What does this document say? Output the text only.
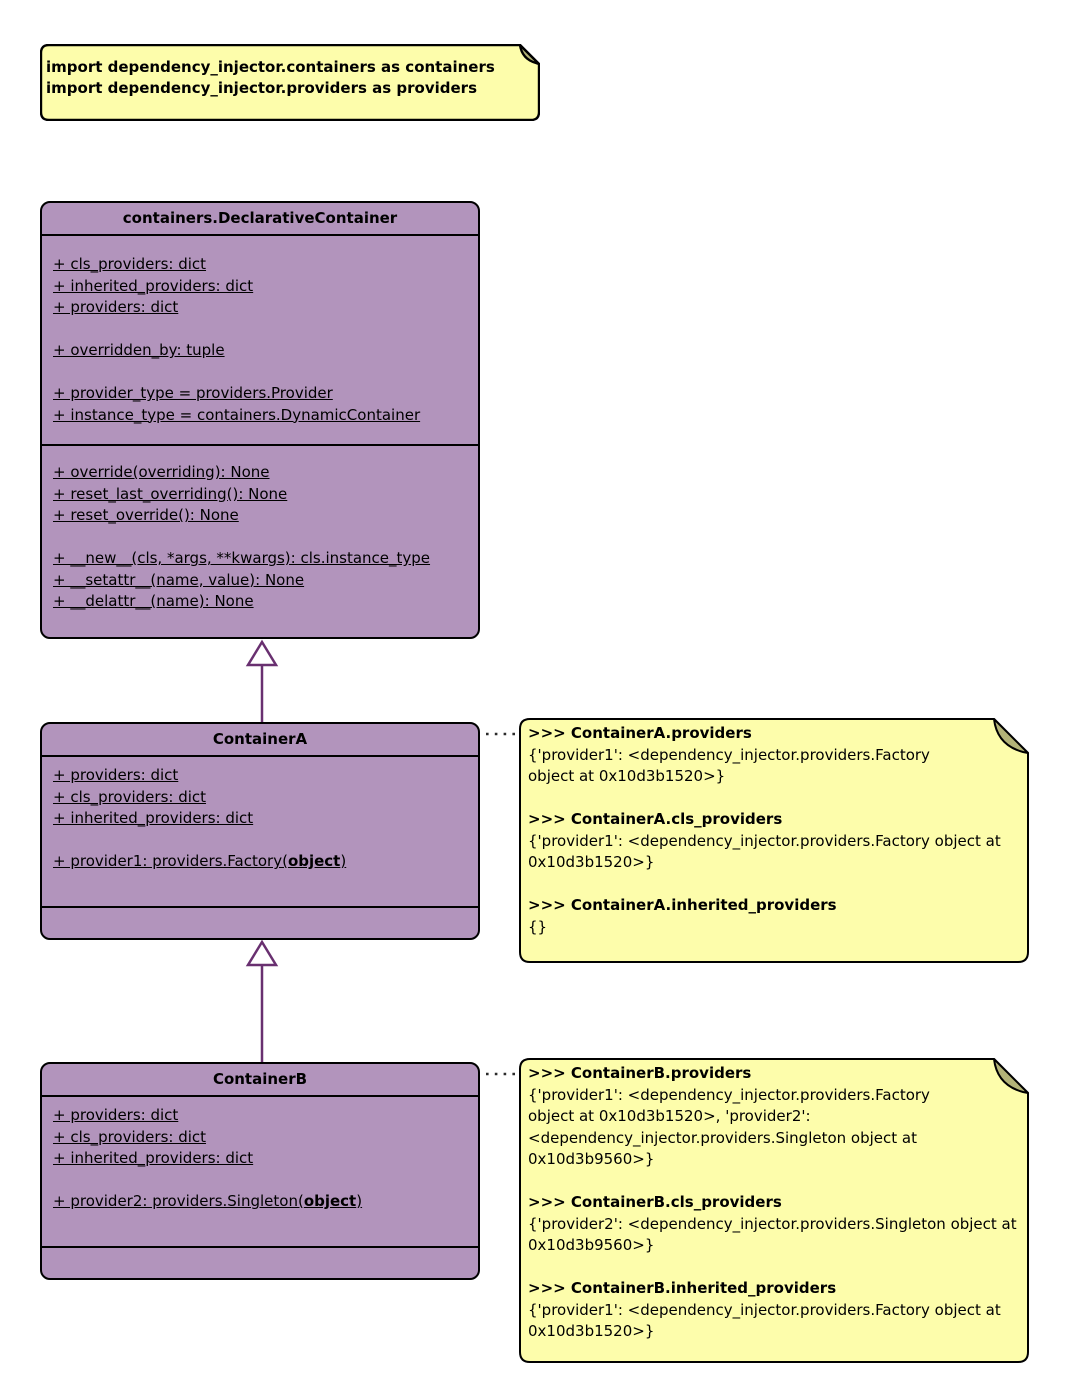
import dependency_injector.containers as containers
import dependency_injector.providers as providers
containers.DeclarativeContainer
+ cls_providers: dict
+ inherited_providers: dict
+ providers: dict
+ overridden_by: tuple
+ provider_type = providers.Provider
+ instance_type = containers.DynamicContainer
+ override(overriding): None
+ reset_last_overriding(): None
+ reset_override(): None
+ __new__(cls, *args, **kwargs): cls.instance_type
+ __setattr__(name, value): None
+ __delattr__(name): None
ContainerA
+ providers: dict
+ cls_providers: dict
+ inherited_providers: dict
+ provider1: providers.Factory(object)
>>> ContainerA.providers
{'provider1': <dependency_injector.providers.Factory
object at 0x10d3b1520>}
>>> ContainerA.cls_providers
{'provider1': <dependency_injector.providers.Factory object at
0x10d3b1520>}
>>> ContainerA.inherited_providers
{}
ContainerB
+ providers: dict
+ cls_providers: dict
+ inherited_providers: dict
+ provider2: providers.Singleton(object)
>>> ContainerB.providers
{'provider1': <dependency_injector.providers.Factory
object at 0x10d3b1520>, 'provider2':
<dependency_injector.providers.Singleton object at
0x10d3b9560>}
>>> ContainerB.cls_providers
{'provider2': <dependency_injector.providers.Singleton object at
0x10d3b9560>}
>>> ContainerB.inherited_providers
{'provider1': <dependency_injector.providers.Factory object at
0x10d3b1520>}
